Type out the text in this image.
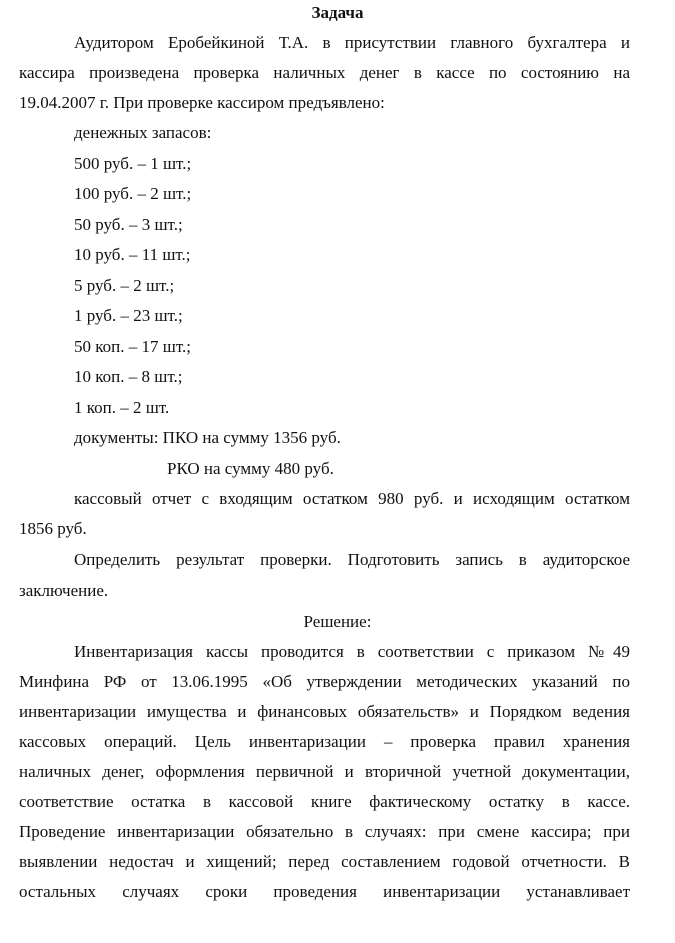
Задача
Аудитором Еробейкиной Т.А. в присутствии главного бухгалтера и
кассира произведена проверка наличных денег в кассе по состоянию на
19.04.2007 г. При проверке кассиром предъявлено:
денежных запасов:
500 руб. – 1 шт.;
100 руб. – 2 шт.;
50 руб. – 3 шт.;
10 руб. – 11 шт.;
5 руб. – 2 шт.;
1 руб. – 23 шт.;
50 коп. – 17 шт.;
10 коп. – 8 шт.;
1 коп. – 2 шт.
документы: ПКО на сумму 1356 руб.
РКО на сумму 480 руб.
кассовый отчет с входящим остатком 980 руб. и исходящим остатком
1856 руб.
Определить результат проверки. Подготовить запись в аудиторское
заключение.
Решение:
Инвентаризация кассы проводится в соответствии с приказом №49
Минфина РФ от 13.06.1995 «Об утверждении методических указаний по
инвентаризации имущества и финансовых обязательств» и Порядком ведения
кассовых операций. Цель инвентаризации – проверка правил хранения
наличных денег, оформления первичной и вторичной учетной документации,
соответствие остатка в кассовой книге фактическому остатку в кассе.
Проведение инвентаризации обязательно в случаях: при смене кассира; при
выявлении недостач и хищений; перед составлением годовой отчетности. В
остальных случаях сроки проведения инвентаризации устанавливает
